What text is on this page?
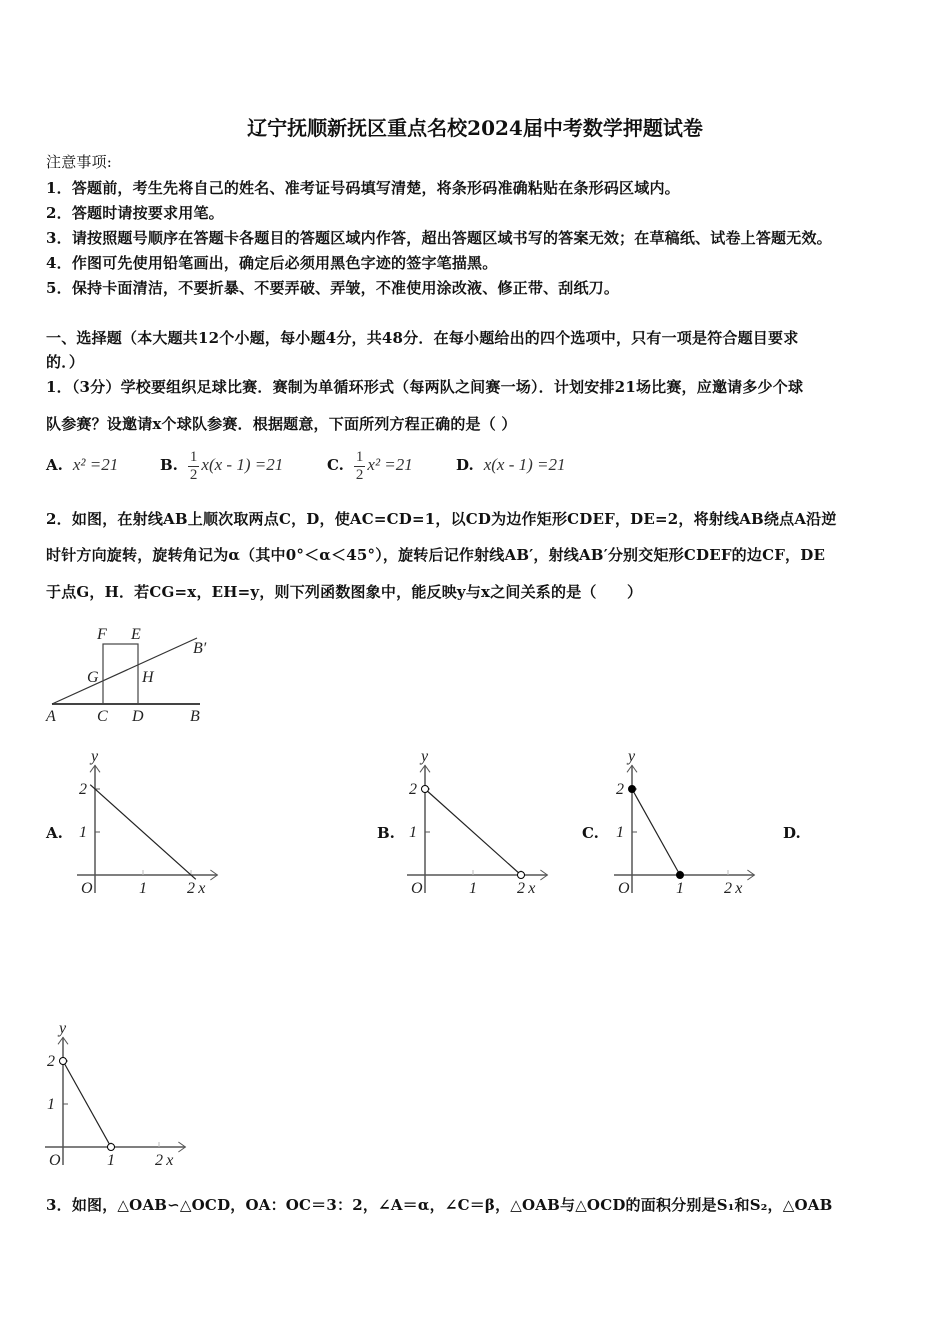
辽宁抚顺新抚区重点名校2024届中考数学押题试卷
注意事项:
1．答题前，考生先将自己的姓名、准考证号码填写清楚，将条形码准确粘贴在条形码区域内。
2．答题时请按要求用笔。
3．请按照题号顺序在答题卡各题目的答题区域内作答，超出答题区域书写的答案无效；在草稿纸、试卷上答题无效。
4．作图可先使用铅笔画出，确定后必须用黑色字迹的签字笔描黑。
5．保持卡面清洁，不要折暴、不要弄破、弄皱，不准使用涂改液、修正带、刮纸刀。
一、选择题（本大题共12个小题，每小题4分，共48分．在每小题给出的四个选项中，只有一项是符合题目要求
的．）
1．（3分）学校要组织足球比赛．赛制为单循环形式（每两队之间赛一场）．计划安排21场比赛，应邀请多少个球
队参赛？设邀请x个球队参赛．根据题意，下面所列方程正确的是（ ）
A. x² =21	B. $\frac{1}{2} x(x - 1) =21$	C. $\frac{1}{2} x^2 =21$	D. x(x - 1) =21
2．如图，在射线AB上顺次取两点C，D，使AC=CD=1，以CD为边作矩形CDEF，DE=2，将射线AB绕点A沿逆
时针方向旋转，旋转角记为α（其中0°＜α＜45°），旋转后记作射线AB′，射线AB′分别交矩形CDEF的边CF，DE
于点G，H．若CG=x，EH=y，则下列函数图象中，能反映y与x之间关系的是（　　）
A	C D	B
F E
G	H
B′
A.
O	1	2 x
1
2
y
B.
O	1	2 x
1
2
y
C.
O	1	2 x
1
2
y
D.
O	1	2 x
1
2
y
3．如图，△OAB∽△OCD，OA：OC＝3：2，∠A＝α，∠C＝β，△OAB与△OCD的面积分别是S₁和S₂，△OAB
